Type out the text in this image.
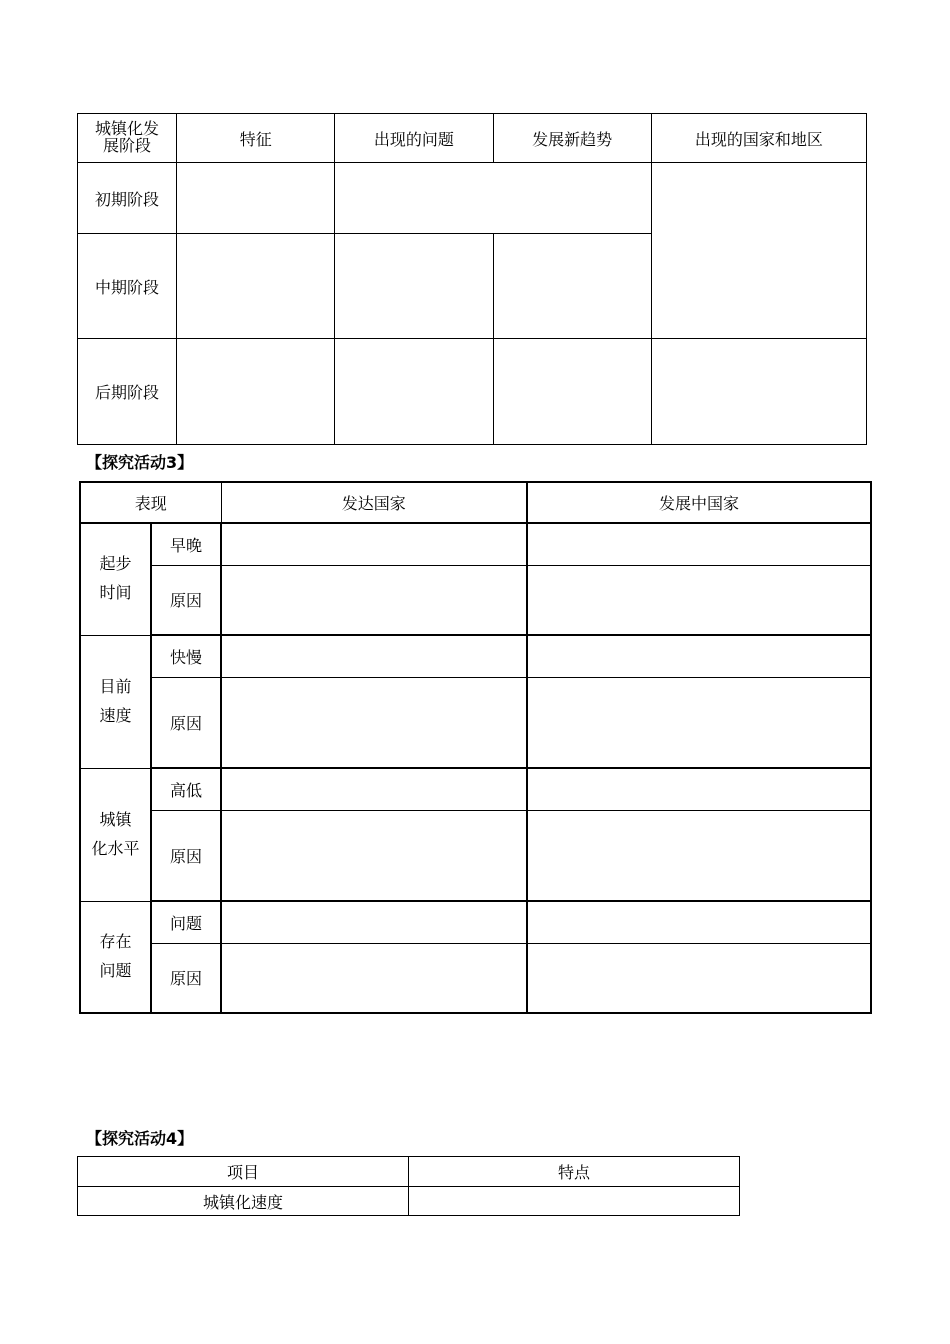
城镇化发
展阶段	特征	出现的问题	发展新趋势	出现的国家和地区
初期阶段				
中期阶段				
后期阶段				
【探究活动3】
表现		发达国家	发展中国家
起步
时间	早晚		
	原因		
目前
速度	快慢		
	原因		
城镇
化水平	高低		
	原因		
存在
问题	问题		
	原因		
【探究活动4】
项目	特点
城镇化速度	
